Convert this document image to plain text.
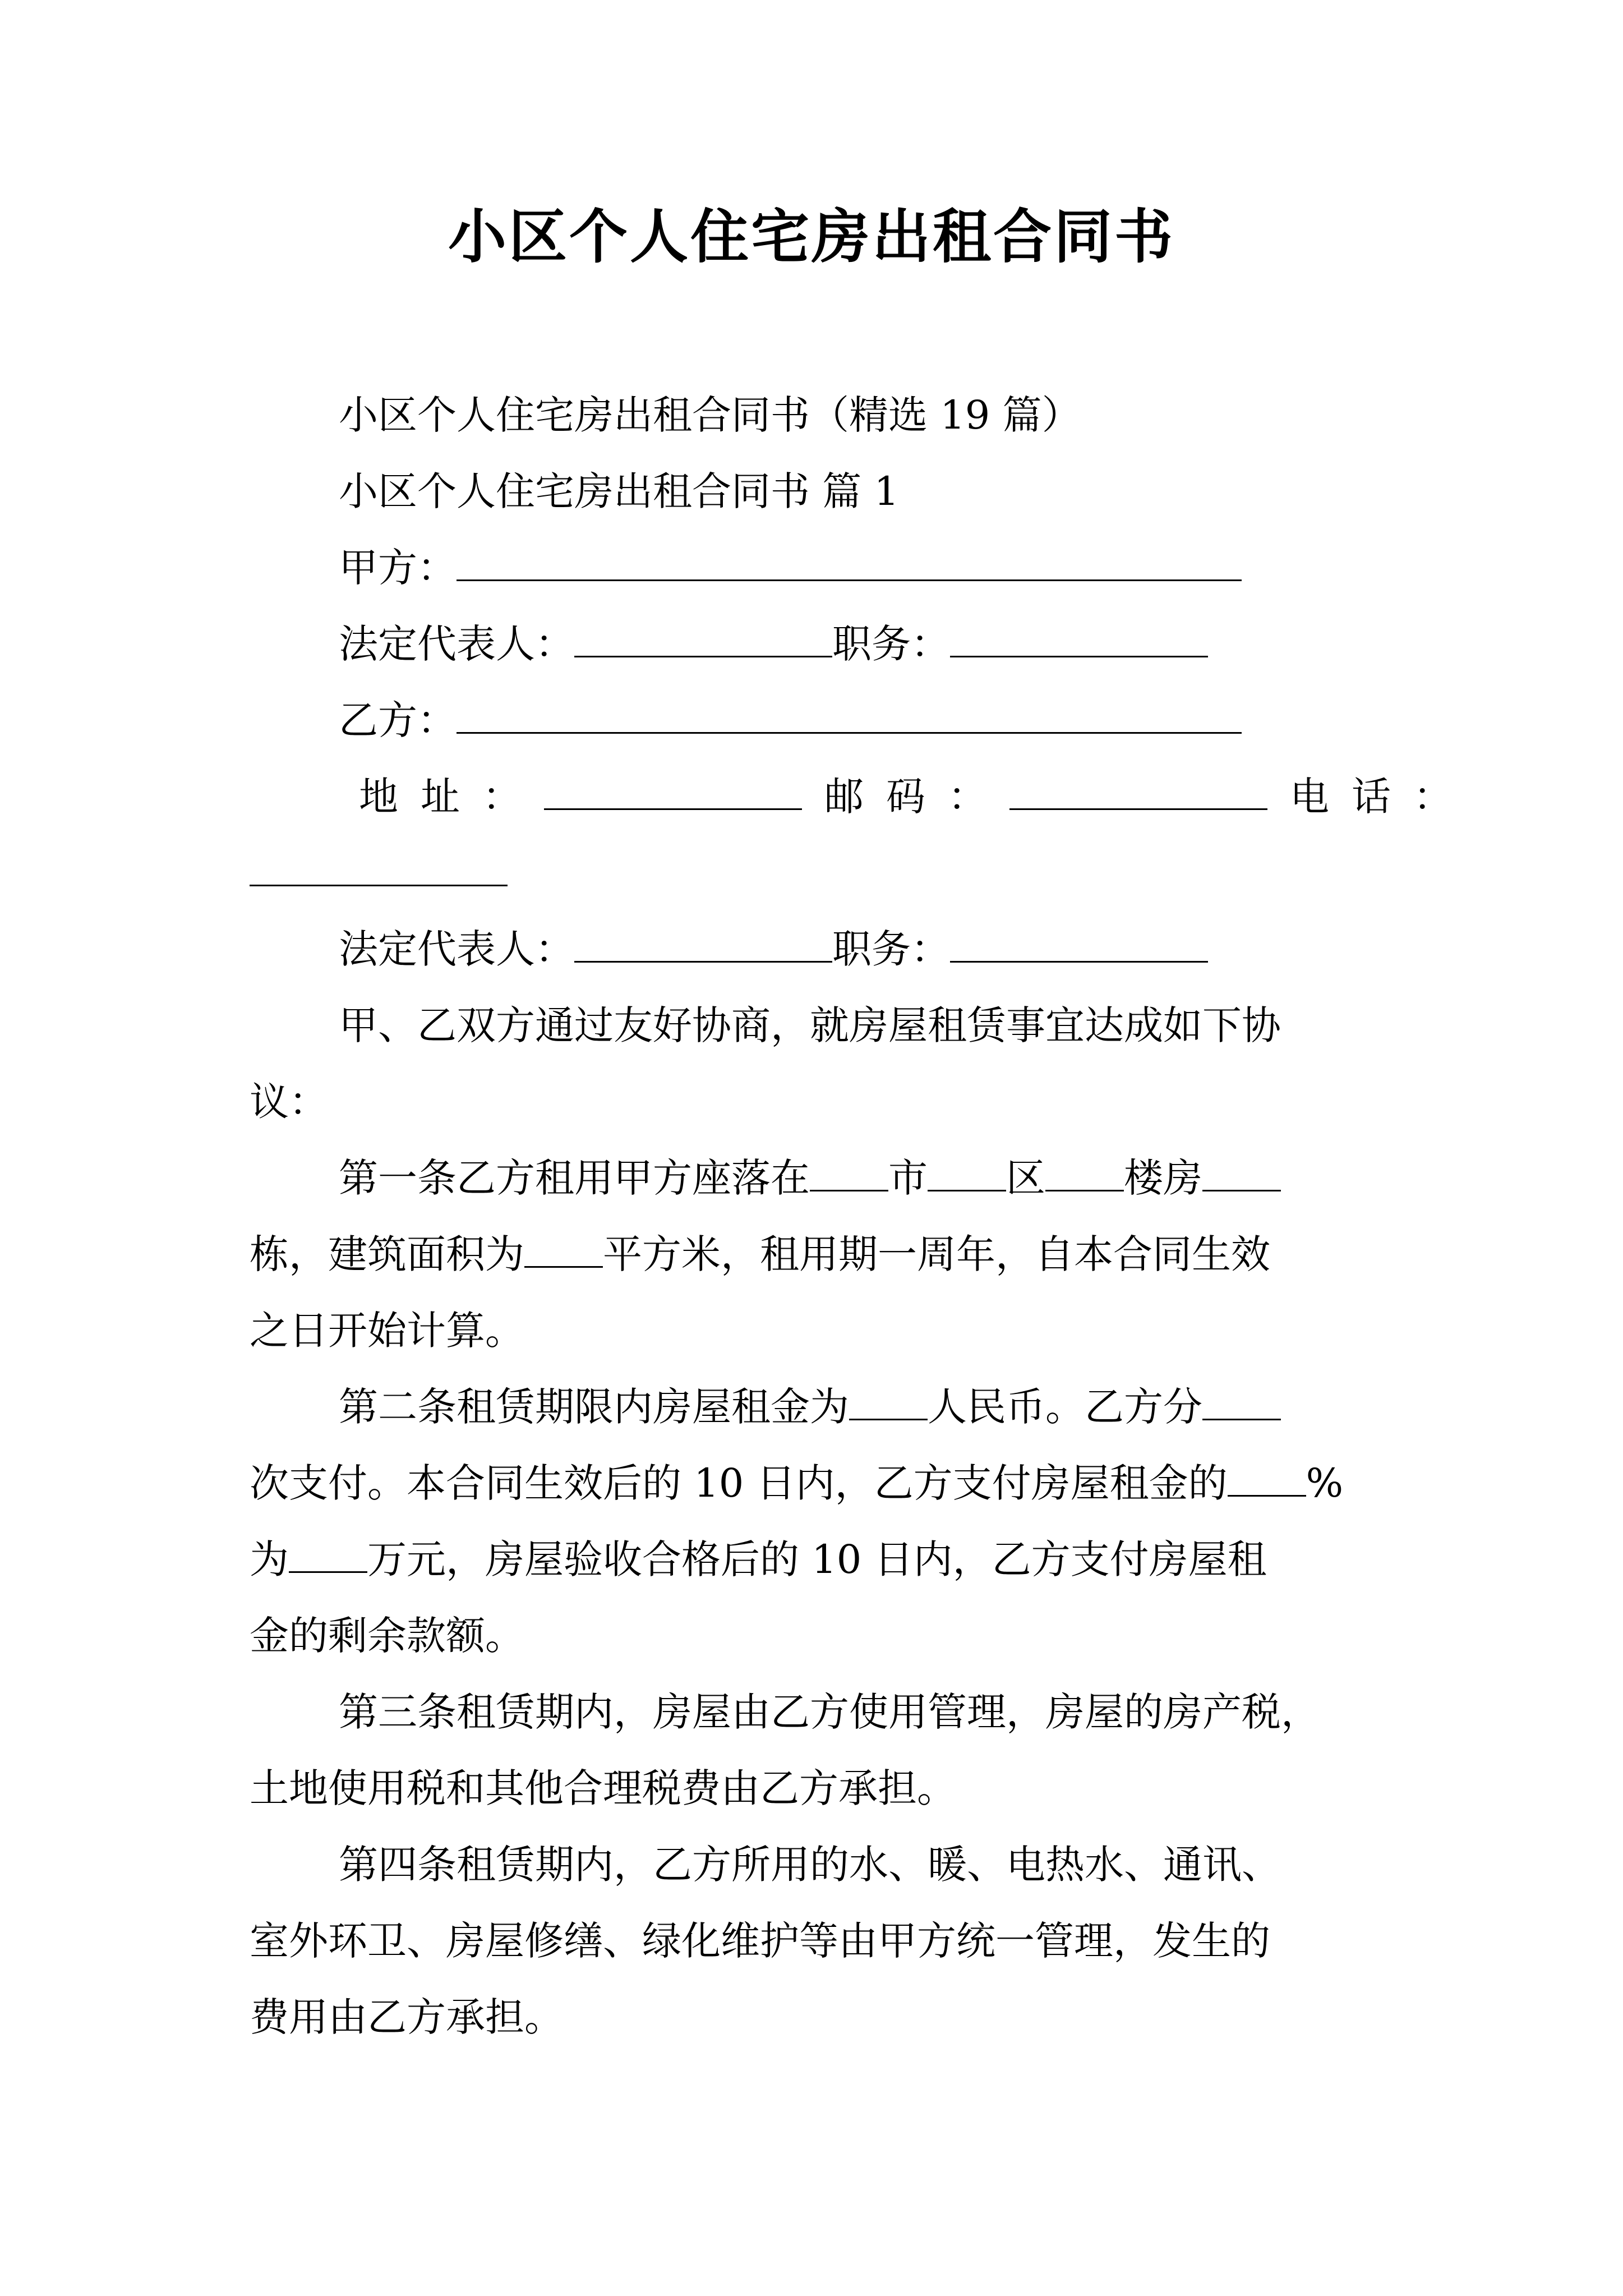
小区个人住宅房出租合同书
小区个人住宅房出租合同书（精选 19 篇）
小区个人住宅房出租合同书 篇 1
甲方：
法定代表人：	职务：
乙方：
地址：	邮码：	电话：
法定代表人：	职务：
甲、乙双方通过友好协商，就房屋租赁事宜达成如下协
议：
第一条乙方租用甲方座落在 市 区 楼房
栋，建筑面积为 平方米，租用期一周年，自本合同生效
之日开始计算。
第二条租赁期限内房屋租金为 人民币。乙方分
次支付。本合同生效后的 10 日内，乙方支付房屋租金的 %
为 万元，房屋验收合格后的 10 日内，乙方支付房屋租
金的剩余款额。
第三条租赁期内，房屋由乙方使用管理，房屋的房产税，
土地使用税和其他合理税费由乙方承担。
第四条租赁期内，乙方所用的水、暖、电热水、通讯、
室外环卫、房屋修缮、绿化维护等由甲方统一管理，发生的
费用由乙方承担。
